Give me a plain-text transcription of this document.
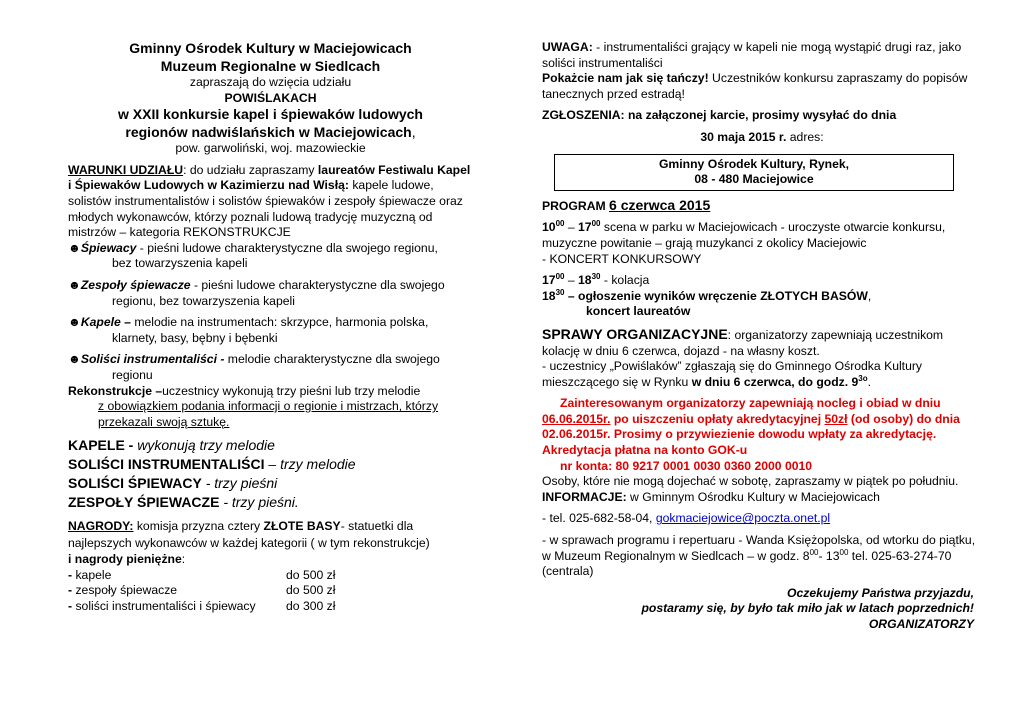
Gminny Ośrodek Kultury w Maciejowicach
Muzeum Regionalne w Siedlcach
zapraszają do wzięcia udziału
POWIŚLAKACH
w XXII konkursie kapel i śpiewaków ludowych
regionów nadwiślańskich w Maciejowicach,
pow. garwoliński, woj. mazowieckie
WARUNKI UDZIAŁU: do udziału zapraszamy laureatów Festiwalu Kapel i Śpiewaków Ludowych w Kazimierzu nad Wisłą: kapele ludowe, solistów instrumentalistów i solistów śpiewaków i zespoły śpiewacze oraz młodych wykonawców, którzy poznali ludową tradycję muzyczną od mistrzów – kategoria REKONSTRUKCJE
☻Śpiewacy - pieśni ludowe charakterystyczne dla swojego regionu,
bez towarzyszenia kapeli
☻Zespoły śpiewacze - pieśni ludowe charakterystyczne dla swojego
regionu, bez towarzyszenia kapeli
☻Kapele – melodie na instrumentach: skrzypce, harmonia polska,
klarnety, basy, bębny i bębenki
☻Soliści instrumentaliści - melodie charakterystyczne dla swojego
regionu
Rekonstrukcje –uczestnicy wykonują trzy pieśni lub trzy melodie
z obowiązkiem podania informacji o regionie i mistrzach, którzy
przekazali swoją sztukę.
KAPELE - wykonują trzy melodie
SOLIŚCI INSTRUMENTALIŚCI – trzy melodie
SOLIŚCI ŚPIEWACY - trzy pieśni
ZESPOŁY ŚPIEWACZE - trzy pieśni.
NAGRODY: komisja przyzna cztery ZŁOTE BASY- statuetki dla najlepszych wykonawców w każdej kategorii ( w tym rekonstrukcje)
i nagrody pieniężne:
- kapele	do 500 zł
- zespoły śpiewacze	do 500 zł
- soliści instrumentaliści i śpiewacy	do 300 zł
UWAGA: - instrumentaliści grający w kapeli nie mogą wystąpić drugi raz, jako soliści instrumentaliści
Pokażcie nam jak się tańczy! Uczestników konkursu zapraszamy do popisów tanecznych przed estradą!
ZGŁOSZENIA: na załączonej karcie, prosimy wysyłać do dnia
30 maja 2015 r. adres:
Gminny Ośrodek Kultury, Rynek,
08 - 480 Maciejowice
PROGRAM 6 czerwca 2015
$10^{00} - 17^{00}$ scena w parku w Maciejowicach - uroczyste otwarcie konkursu, muzyczne powitanie – grają muzykanci z okolicy Maciejowic
- KONCERT KONKURSOWY
$17^{00} - 18^{30}$ - kolacja
$18^{30}$ – ogłoszenie wyników wręczenie ZŁOTYCH BASÓW,
koncert laureatów
SPRAWY ORGANIZACYJNE: organizatorzy zapewniają uczestnikom kolację w dniu 6 czerwca, dojazd - na własny koszt.
- uczestnicy „Powiślaków” zgłaszają się do Gminnego Ośrodka Kultury mieszczącego się w Rynku w dniu 6 czerwca, do godz. $9^{3o}$.
Zainteresowanym organizatorzy zapewniają nocleg i obiad w dniu 06.06.2015r. po uiszczeniu opłaty akredytacyjnej 50zł (od osoby) do dnia 02.06.2015r. Prosimy o przywiezienie dowodu wpłaty za akredytację. Akredytacja płatna na konto GOK-u
nr konta: 80 9217 0001 0030 0360 2000 0010
Osoby, które nie mogą dojechać w sobotę, zapraszamy w piątek po południu.
INFORMACJE: w Gminnym Ośrodku Kultury w Maciejowicach
- tel. 025-682-58-04, gokmaciejowice@poczta.onet.pl
- w sprawach programu i repertuaru - Wanda Księżopolska, od wtorku do piątku, w Muzeum Regionalnym w Siedlcach – w godz. $8^{00}-$ $13^{00}$ tel. 025-63-274-70 (centrala)
Oczekujemy Państwa przyjazdu,
postaramy się, by było tak miło jak w latach poprzednich!
ORGANIZATORZY
